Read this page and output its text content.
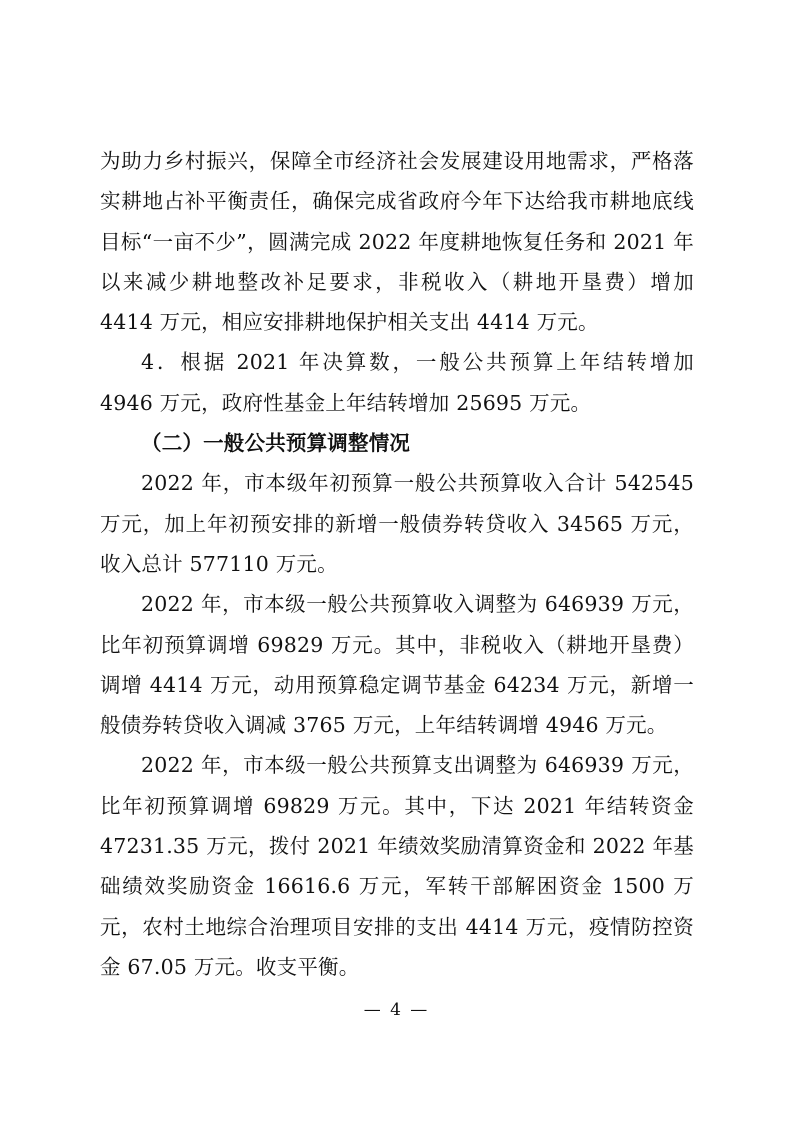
为助力乡村振兴，保障全市经济社会发展建设用地需求，严格落实耕地占补平衡责任，确保完成省政府今年下达给我市耕地底线目标“一亩不少”，圆满完成 2022 年度耕地恢复任务和 2021 年以来减少耕地整改补足要求，非税收入（耕地开垦费）增加 4414 万元，相应安排耕地保护相关支出 4414 万元。

4．根据 2021 年决算数，一般公共预算上年结转增加 4946 万元，政府性基金上年结转增加 25695 万元。

（二）一般公共预算调整情况

2022 年，市本级年初预算一般公共预算收入合计 542545 万元，加上年初预安排的新增一般债券转贷收入 34565 万元，收入总计 577110 万元。

2022 年，市本级一般公共预算收入调整为 646939 万元，比年初预算调增 69829 万元。其中，非税收入（耕地开垦费）调增 4414 万元，动用预算稳定调节基金 64234 万元，新增一般债券转贷收入调减 3765 万元，上年结转调增 4946 万元。

2022 年，市本级一般公共预算支出调整为 646939 万元，比年初预算调增 69829 万元。其中，下达 2021 年结转资金 47231.35 万元，拨付 2021 年绩效奖励清算资金和 2022 年基础绩效奖励资金 16616.6 万元，军转干部解困资金 1500 万元，农村土地综合治理项目安排的支出 4414 万元，疫情防控资金 67.05 万元。收支平衡。

— 4 —
